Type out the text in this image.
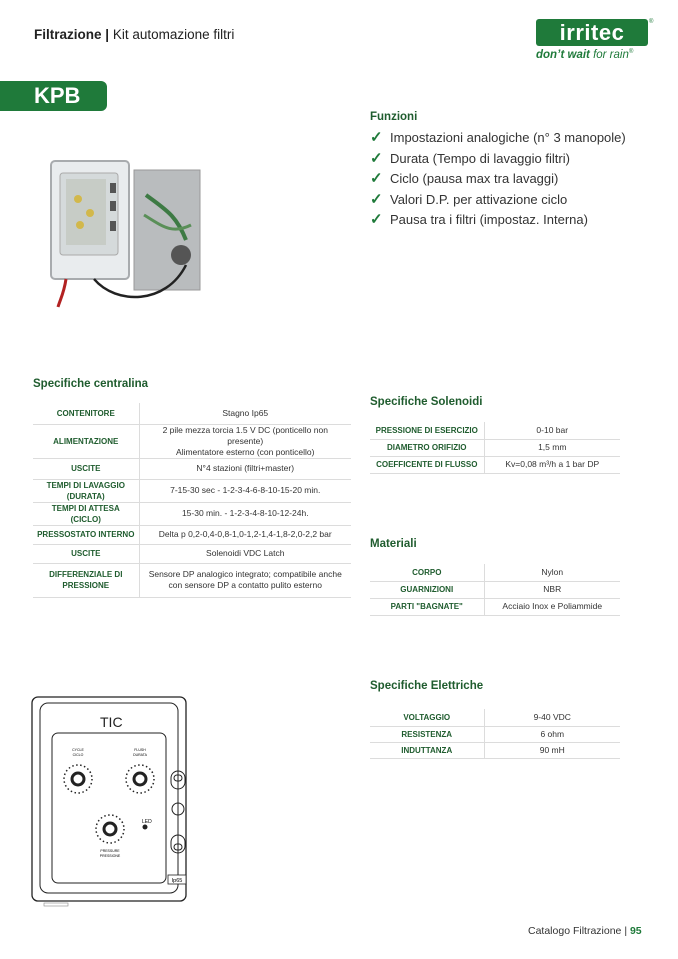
Filtrazione | Kit automazione filtri	irritec	®
don’t wait for rain®
KPB
Funzioni
✓ Impostazioni analogiche (n° 3 manopole)
✓ Durata (Tempo di lavaggio filtri)
✓ Ciclo (pausa max tra lavaggi)
✓ Valori D.P. per attivazione ciclo
✓ Pausa tra i filtri (impostaz. Interna)
Specifiche centralina
CONTENITORE	Stagno Ip65
ALIMENTAZIONE	2 pile mezza torcia 1.5 V DC (ponticello non presente)
Alimentatore esterno (con ponticello)

USCITE	N°4 stazioni (filtri+master)
TEMPI DI LAVAGGIO (DURATA)	7-15-30 sec - 1-2-3-4-6-8-10-15-20 min.
TEMPI DI ATTESA (CICLO)	15-30 min. - 1-2-3-4-8-10-12-24h.
PRESSOSTATO INTERNO	Delta p 0,2-0,4-0,8-1,0-1,2-1,4-1,8-2,0-2,2 bar
USCITE	Solenoidi VDC Latch
DIFFERENZIALE DI PRESSIONE	Sensore DP analogico integrato; compatibile anche
con sensore DP a contatto pulito esterno
Specifiche Solenoidi
PRESSIONE DI ESERCIZIO	0-10 bar
DIAMETRO ORIFIZIO	1,5 mm
COEFFICENTE DI FLUSSO	Kv=0,08 m³/h a 1 bar DP
Materiali
CORPO	Nylon
GUARNIZIONI	NBR
PARTI "BAGNATE"	Acciaio Inox e Poliammide
Specifiche Elettriche
VOLTAGGIO	9-40 VDC
RESISTENZA	6 ohm
INDUTTANZA	90 mH
TIC
CYCLE
CICLO
FLUSH
DURATA
PRESSURE
PRESSIONE
LED
Ip65
Catalogo Filtrazione | 95
